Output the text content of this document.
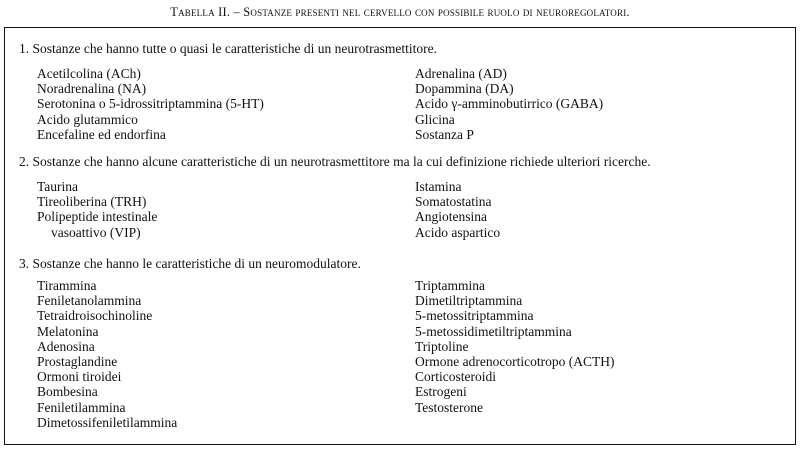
Tabella II. – Sostanze presenti nel cervello con possibile ruolo di neuroregolatori.
1. Sostanze che hanno tutte o quasi le caratteristiche di un neurotrasmettitore.
Acetilcolina (ACh)
Noradrenalina (NA)
Serotonina o 5-idrossitriptammina (5-HT)
Acido glutammico
Encefaline ed endorfina
Adrenalina (AD)
Dopammina (DA)
Acido γ-amminobutirrico (GABA)
Glicina
Sostanza P
2. Sostanze che hanno alcune caratteristiche di un neurotrasmettitore ma la cui definizione richiede ulteriori ricerche.
Taurina
Tireoliberina (TRH)
Polipeptide intestinale
vasoattivo (VIP)
Istamina
Somatostatina
Angiotensina
Acido aspartico
3. Sostanze che hanno le caratteristiche di un neuromodulatore.
Tirammina
Feniletanolammina
Tetraidroisochinoline
Melatonina
Adenosina
Prostaglandine
Ormoni tiroidei
Bombesina
Feniletilammina
Dimetossifeniletilammina
Triptammina
Dimetiltriptammina
5-metossitriptammina
5-metossidimetiltriptammina
Triptoline
Ormone adrenocorticotropo (ACTH)
Corticosteroidi
Estrogeni
Testosterone
